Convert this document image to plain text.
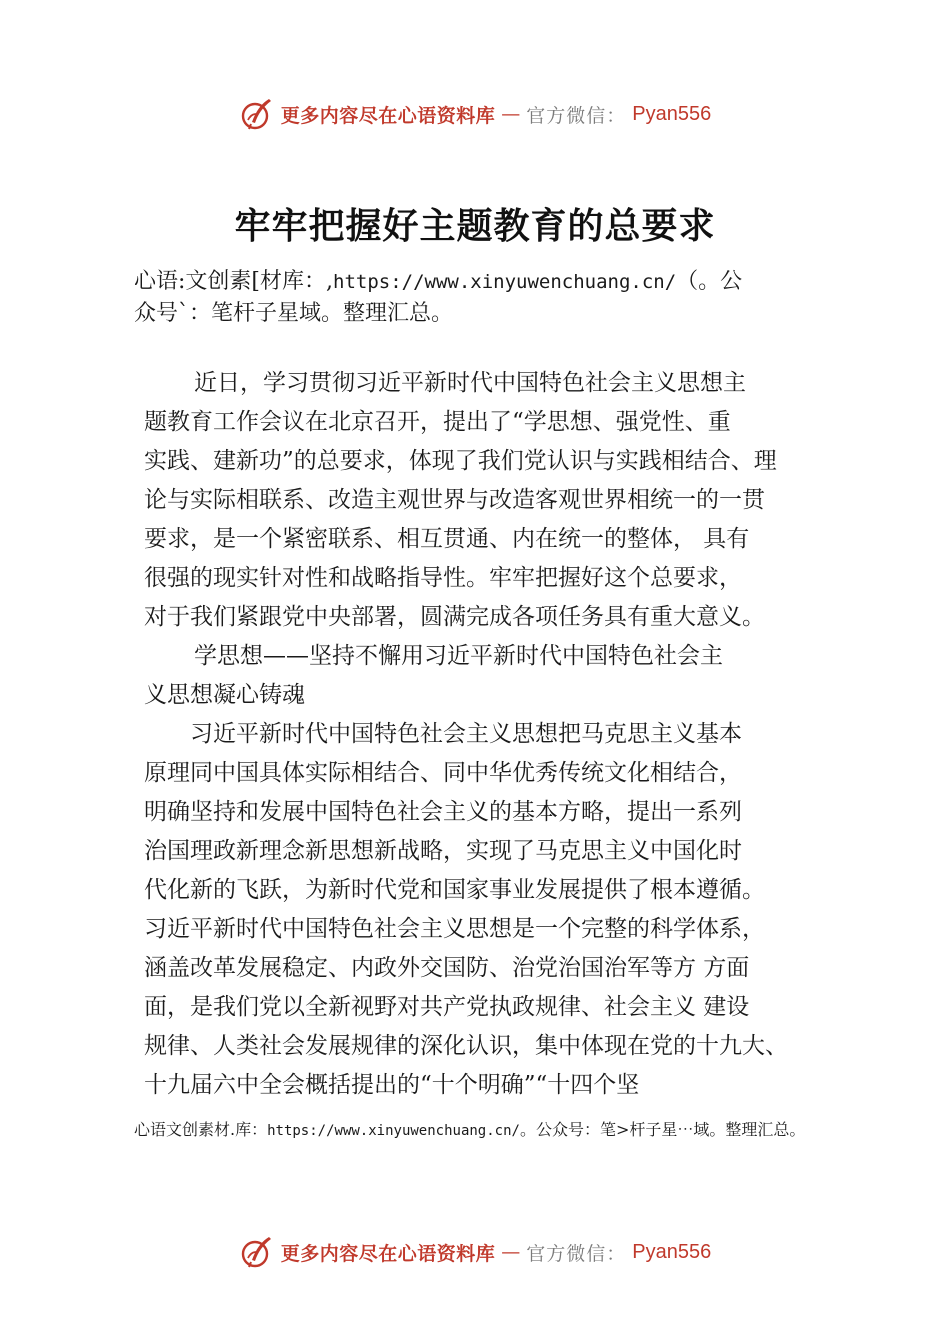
更多内容尽在心语资料库 — 官方微信： Pyan556
牢牢把握好主题教育的总要求
心语:文创素[材库：,https://www.xinyuwenchuang.cn/（。公
众号`：笔杆子星域。整理汇总。
近日，学习贯彻习近平新时代中国特色社会主义思想主
题教育工作会议在北京召开，提出了“学思想、强党性、重
实践、建新功”的总要求，体现了我们党认识与实践相结合、理
论与实际相联系、改造主观世界与改造客观世界相统一的一贯
要求，是一个紧密联系、相互贯通、内在统一的整体， 具有
很强的现实针对性和战略指导性。牢牢把握好这个总要求，
对于我们紧跟党中央部署，圆满完成各项任务具有重大意义。
学思想——坚持不懈用习近平新时代中国特色社会主
义思想凝心铸魂
习近平新时代中国特色社会主义思想把马克思主义基本
原理同中国具体实际相结合、同中华优秀传统文化相结合，
明确坚持和发展中国特色社会主义的基本方略，提出一系列
治国理政新理念新思想新战略，实现了马克思主义中国化时
代化新的飞跃，为新时代党和国家事业发展提供了根本遵循。
习近平新时代中国特色社会主义思想是一个完整的科学体系，
涵盖改革发展稳定、内政外交国防、治党治国治军等方 方面
面，是我们党以全新视野对共产党执政规律、社会主义 建设
规律、人类社会发展规律的深化认识，集中体现在党的十九大、
十九届六中全会概括提出的“十个明确”“十四个坚
心语文创素材.库：https://www.xinyuwenchuang.cn/。公众号：笔>杆子星⋯域。整理汇总。
更多内容尽在心语资料库 — 官方微信： Pyan556
